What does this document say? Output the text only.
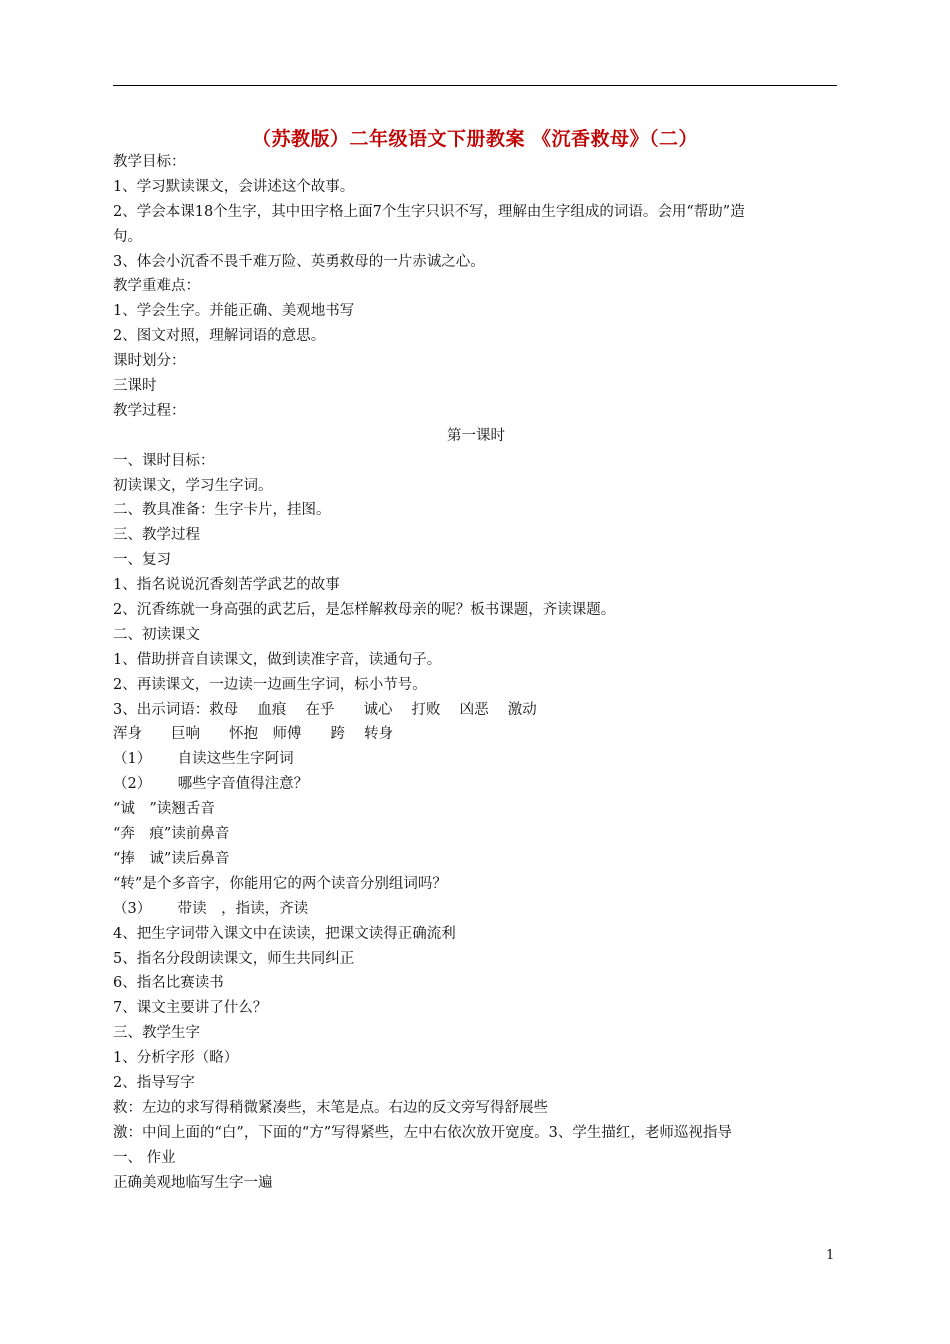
（苏教版）二年级语文下册教案 《沉香救母》（二）
教学目标：
1、学习默读课文，会讲述这个故事。
2、学会本课18个生字，其中田字格上面7个生字只识不写，理解由生字组成的词语。会用“帮助”造
句。
3、体会小沉香不畏千难万险、英勇救母的一片赤诚之心。
教学重难点：
1、学会生字。并能正确、美观地书写
2、图文对照，理解词语的意思。
课时划分：
三课时
教学过程：
第一课时
一、课时目标：
初读课文，学习生字词。
二、教具准备：生字卡片，挂图。
三、教学过程
一、复习
1、指名说说沉香刻苦学武艺的故事
2、沉香练就一身高强的武艺后，是怎样解救母亲的呢？板书课题，齐读课题。
二、初读课文
1、借助拼音自读课文，做到读准字音，读通句子。
2、再读课文，一边读一边画生字词，标小节号。
3、出示词语：救母　 血痕　 在乎　　诚心　 打败　 凶恶　 激动
浑身　　巨响　　怀抱　师傅　　跨　 转身
（1）　　 自读这些生字阿词
（2）　　 哪些字音值得注意？
“诚　”读翘舌音
“奔　痕”读前鼻音
“捧　诚”读后鼻音
“转”是个多音字，你能用它的两个读音分别组词吗？
（3）　　 带读　，指读，齐读
4、把生字词带入课文中在读读，把课文读得正确流利
5、指名分段朗读课文，师生共同纠正
6、指名比赛读书
7、课文主要讲了什么？
三、教学生字
1、分析字形（略）
2、指导写字
救：左边的求写得稍微紧凑些，末笔是点。右边的反文旁写得舒展些
激：中间上面的“白”，下面的“方”写得紧些，左中右依次放开宽度。3、学生描红，老师巡视指导
一、 作业
正确美观地临写生字一遍
1
